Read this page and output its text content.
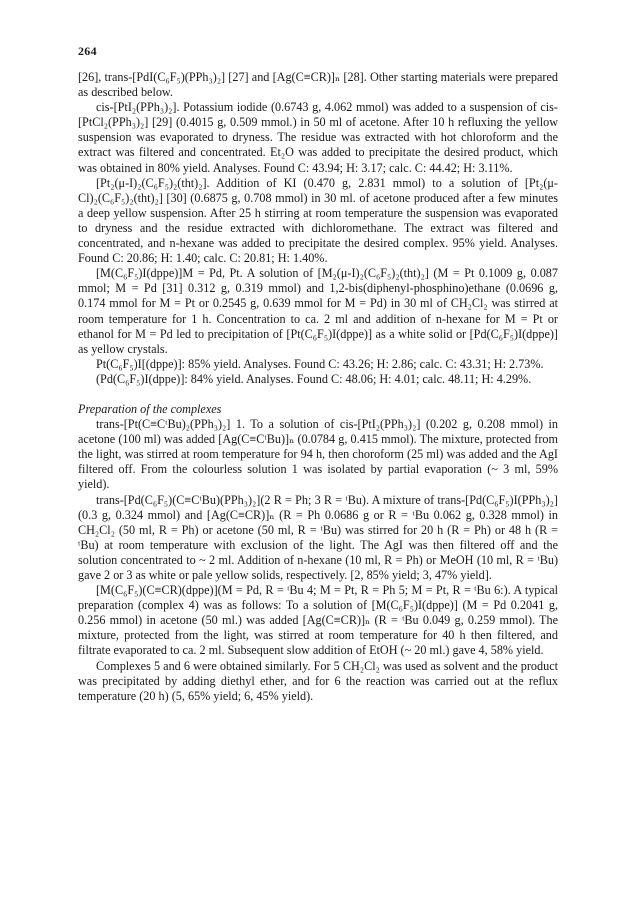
264

[26], trans-[PdI(C₆F₅)(PPh₃)₂] [27] and [Ag(C≡CR)]ₙ [28]. Other starting materials were prepared as described below.

cis-[PtI₂(PPh₃)₂]. Potassium iodide (0.6743 g, 4.062 mmol) was added to a suspension of cis-[PtCl₂(PPh₃)₂] [29] (0.4015 g, 0.509 mmol.) in 50 ml of acetone. After 10 h refluxing the yellow suspension was evaporated to dryness. The residue was extracted with hot chloroform and the extract was filtered and concentrated. Et₂O was added to precipitate the desired product, which was obtained in 80% yield. Analyses. Found C: 43.94; H: 3.17; calc. C: 44.42; H: 3.11%.

[Pt₂(μ-I)₂(C₆F₅)₂(tht)₂]. Addition of KI (0.470 g, 2.831 mmol) to a solution of [Pt₂(μ-Cl)₂(C₆F₅)₂(tht)₂] [30] (0.6875 g, 0.708 mmol) in 30 ml. of acetone produced after a few minutes a deep yellow suspension. After 25 h stirring at room temperature the suspension was evaporated to dryness and the residue extracted with dichloromethane. The extract was filtered and concentrated, and n-hexane was added to precipitate the desired complex. 95% yield. Analyses. Found C: 20.86; H: 1.40; calc. C: 20.81; H: 1.40%.

[M(C₆F₅)I(dppe)]M = Pd, Pt. A solution of [M₂(μ-I)₂(C₆F₅)₂(tht)₂] (M = Pt 0.1009 g, 0.087 mmol; M = Pd [31] 0.312 g, 0.319 mmol) and 1,2-bis(diphenyl-phosphino)ethane (0.0696 g, 0.174 mmol for M = Pt or 0.2545 g, 0.639 mmol for M = Pd) in 30 ml of CH₂Cl₂ was stirred at room temperature for 1 h. Concentration to ca. 2 ml and addition of n-hexane for M = Pt or ethanol for M = Pd led to precipitation of [Pt(C₆F₅)I(dppe)] as a white solid or [Pd(C₆F₅)I(dppe)] as yellow crystals.

Pt(C₆F₅)I[(dppe)]: 85% yield. Analyses. Found C: 43.26; H: 2.86; calc. C: 43.31; H: 2.73%.

(Pd(C₆F₅)I(dppe)]: 84% yield. Analyses. Found C: 48.06; H: 4.01; calc. 48.11; H: 4.29%.

Preparation of the complexes

trans-[Pt(C≡CᵗBu)₂(PPh₃)₂] 1. To a solution of cis-[PtI₂(PPh₃)₂] (0.202 g, 0.208 mmol) in acetone (100 ml) was added [Ag(C≡CᵗBu)]ₙ (0.0784 g, 0.415 mmol). The mixture, protected from the light, was stirred at room temperature for 94 h, then choroform (25 ml) was added and the AgI filtered off. From the colourless solution 1 was isolated by partial evaporation (~ 3 ml, 59% yield).

trans-[Pd(C₆F₅)(C≡CᵗBu)(PPh₃)₂](2 R = Ph; 3 R = ᵗBu). A mixture of trans-[Pd(C₆F₅)I(PPh₃)₂] (0.3 g, 0.324 mmol) and [Ag(C≡CR)]ₙ (R = Ph 0.0686 g or R = ᵗBu 0.062 g, 0.328 mmol) in CH₂Cl₂ (50 ml, R = Ph) or acetone (50 ml, R = ᵗBu) was stirred for 20 h (R = Ph) or 48 h (R = ᵗBu) at room temperature with exclusion of the light. The AgI was then filtered off and the solution concentrated to ~ 2 ml. Addition of n-hexane (10 ml, R = Ph) or MeOH (10 ml, R = ᵗBu) gave 2 or 3 as white or pale yellow solids, respectively. [2, 85% yield; 3, 47% yield].

[M(C₆F₅)(C≡CR)(dppe)](M = Pd, R = ᵗBu 4; M = Pt, R = Ph 5; M = Pt, R = ᵗBu 6:). A typical preparation (complex 4) was as follows: To a solution of [M(C₆F₅)I(dppe)] (M = Pd 0.2041 g, 0.256 mmol) in acetone (50 ml.) was added [Ag(C≡CR)]ₙ (R = ᵗBu 0.049 g, 0.259 mmol). The mixture, protected from the light, was stirred at room temperature for 40 h then filtered, and filtrate evaporated to ca. 2 ml. Subsequent slow addition of EtOH (~ 20 ml.) gave 4, 58% yield.

Complexes 5 and 6 were obtained similarly. For 5 CH₂Cl₂ was used as solvent and the product was precipitated by adding diethyl ether, and for 6 the reaction was carried out at the reflux temperature (20 h) (5, 65% yield; 6, 45% yield).
